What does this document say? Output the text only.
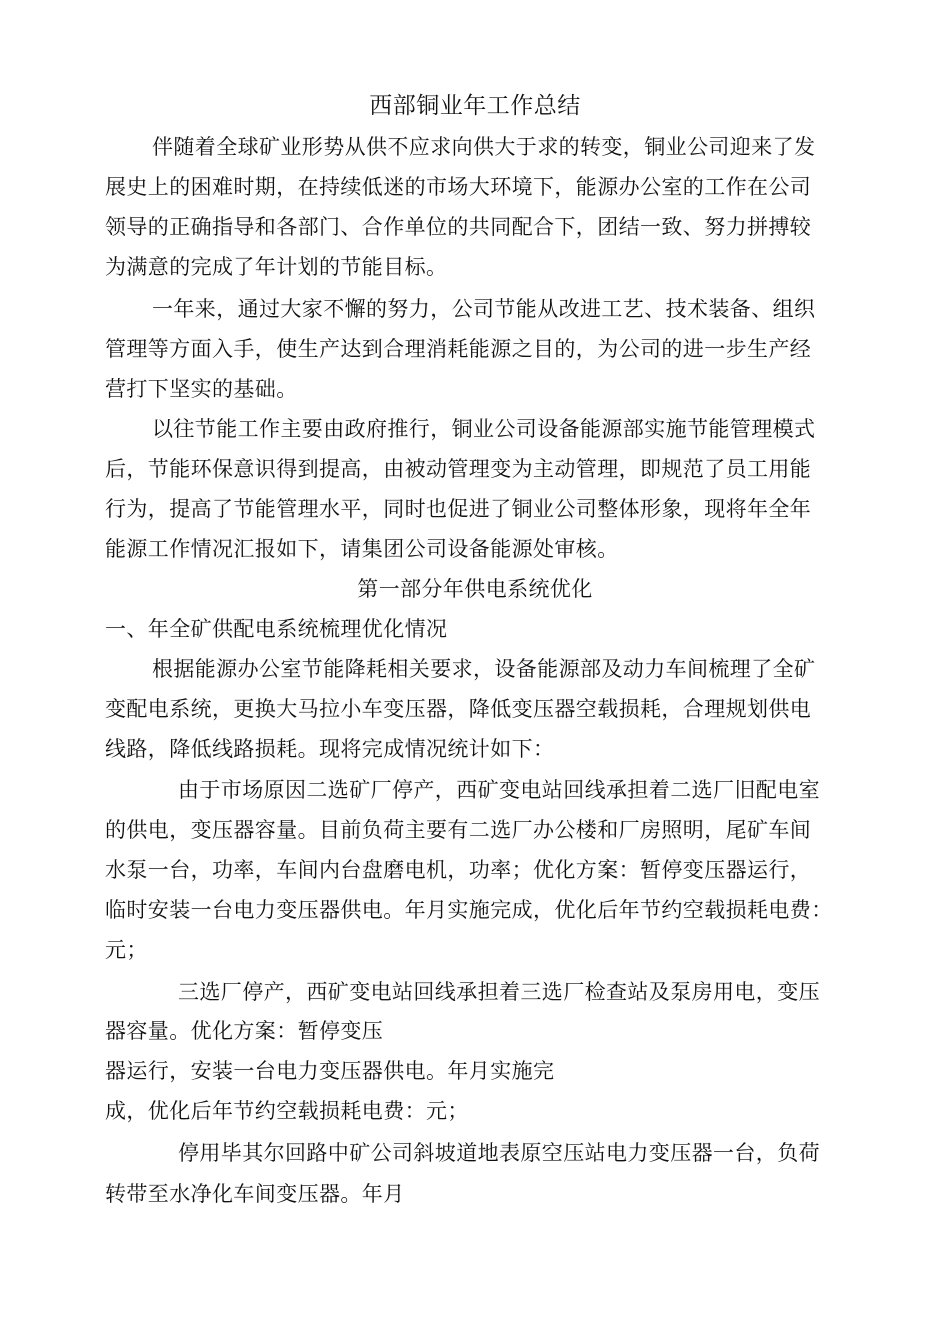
西部铜业年工作总结
伴随着全球矿业形势从供不应求向供大于求的转变，铜业公司迎来了发
展史上的困难时期，在持续低迷的市场大环境下，能源办公室的工作在公司
领导的正确指导和各部门、合作单位的共同配合下，团结一致、努力拼搏较
为满意的完成了年计划的节能目标。
一年来，通过大家不懈的努力，公司节能从改进工艺、技术装备、组织
管理等方面入手，使生产达到合理消耗能源之目的，为公司的进一步生产经
营打下坚实的基础。
以往节能工作主要由政府推行，铜业公司设备能源部实施节能管理模式
后，节能环保意识得到提高，由被动管理变为主动管理，即规范了员工用能
行为，提高了节能管理水平，同时也促进了铜业公司整体形象，现将年全年
能源工作情况汇报如下，请集团公司设备能源处审核。
第一部分年供电系统优化
一、年全矿供配电系统梳理优化情况
根据能源办公室节能降耗相关要求，设备能源部及动力车间梳理了全矿
变配电系统，更换大马拉小车变压器，降低变压器空载损耗，合理规划供电
线路，降低线路损耗。现将完成情况统计如下：
由于市场原因二选矿厂停产，西矿变电站回线承担着二选厂旧配电室
的供电，变压器容量。目前负荷主要有二选厂办公楼和厂房照明，尾矿车间
水泵一台，功率，车间内台盘磨电机，功率；优化方案：暂停变压器运行，
临时安装一台电力变压器供电。年月实施完成，优化后年节约空载损耗电费：
元；
三选厂停产，西矿变电站回线承担着三选厂检查站及泵房用电，变压
器容量。优化方案：暂停变压
器运行，安装一台电力变压器供电。年月实施完
成，优化后年节约空载损耗电费：元；
停用毕其尔回路中矿公司斜坡道地表原空压站电力变压器一台，负荷
转带至水净化车间变压器。年月
